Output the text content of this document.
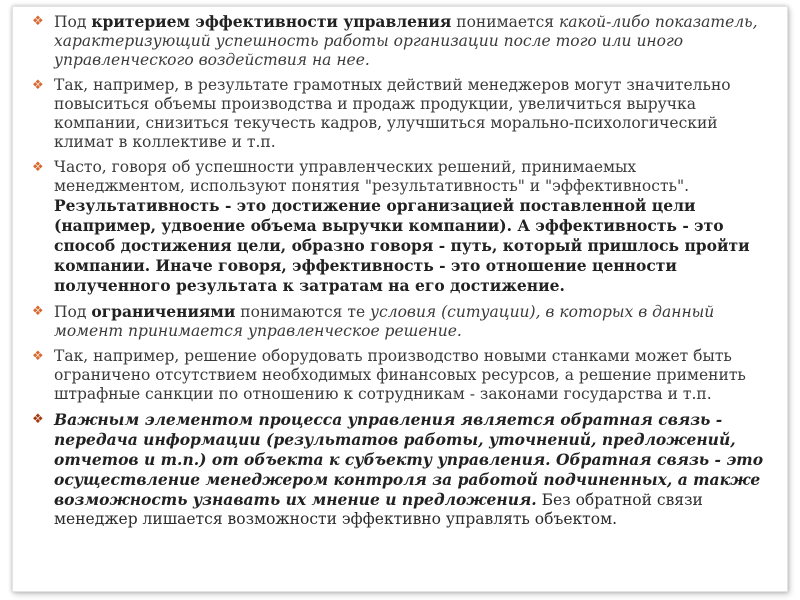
❖ Под критерием эффективности управления понимается какой-либо показатель, характеризующий успешность работы организации после того или иного управленческого воздействия на нее.
❖ Так, например, в результате грамотных действий менеджеров могут значительно повыситься объемы производства и продаж продукции, увеличиться выручка компании, снизиться текучесть кадров, улучшиться морально-психологический климат в коллективе и т.п.
❖ Часто, говоря об успешности управленческих решений, принимаемых менеджментом, используют понятия "результативность" и "эффективность". Результативность - это достижение организацией поставленной цели (например, удвоение объема выручки компании). А эффективность - это способ достижения цели, образно говоря - путь, который пришлось пройти компании. Иначе говоря, эффективность - это отношение ценности полученного результата к затратам на его достижение.
❖ Под ограничениями понимаются те условия (ситуации), в которых в данный момент принимается управленческое решение.
❖ Так, например, решение оборудовать производство новыми станками может быть ограничено отсутствием необходимых финансовых ресурсов, а решение применить штрафные санкции по отношению к сотрудникам - законами государства и т.п.
❖ Важным элементом процесса управления является обратная связь - передача информации (результатов работы, уточнений, предложений, отчетов и т.п.) от объекта к субъекту управления. Обратная связь - это осуществление менеджером контроля за работой подчиненных, а также возможность узнавать их мнение и предложения. Без обратной связи менеджер лишается возможности эффективно управлять объектом.
